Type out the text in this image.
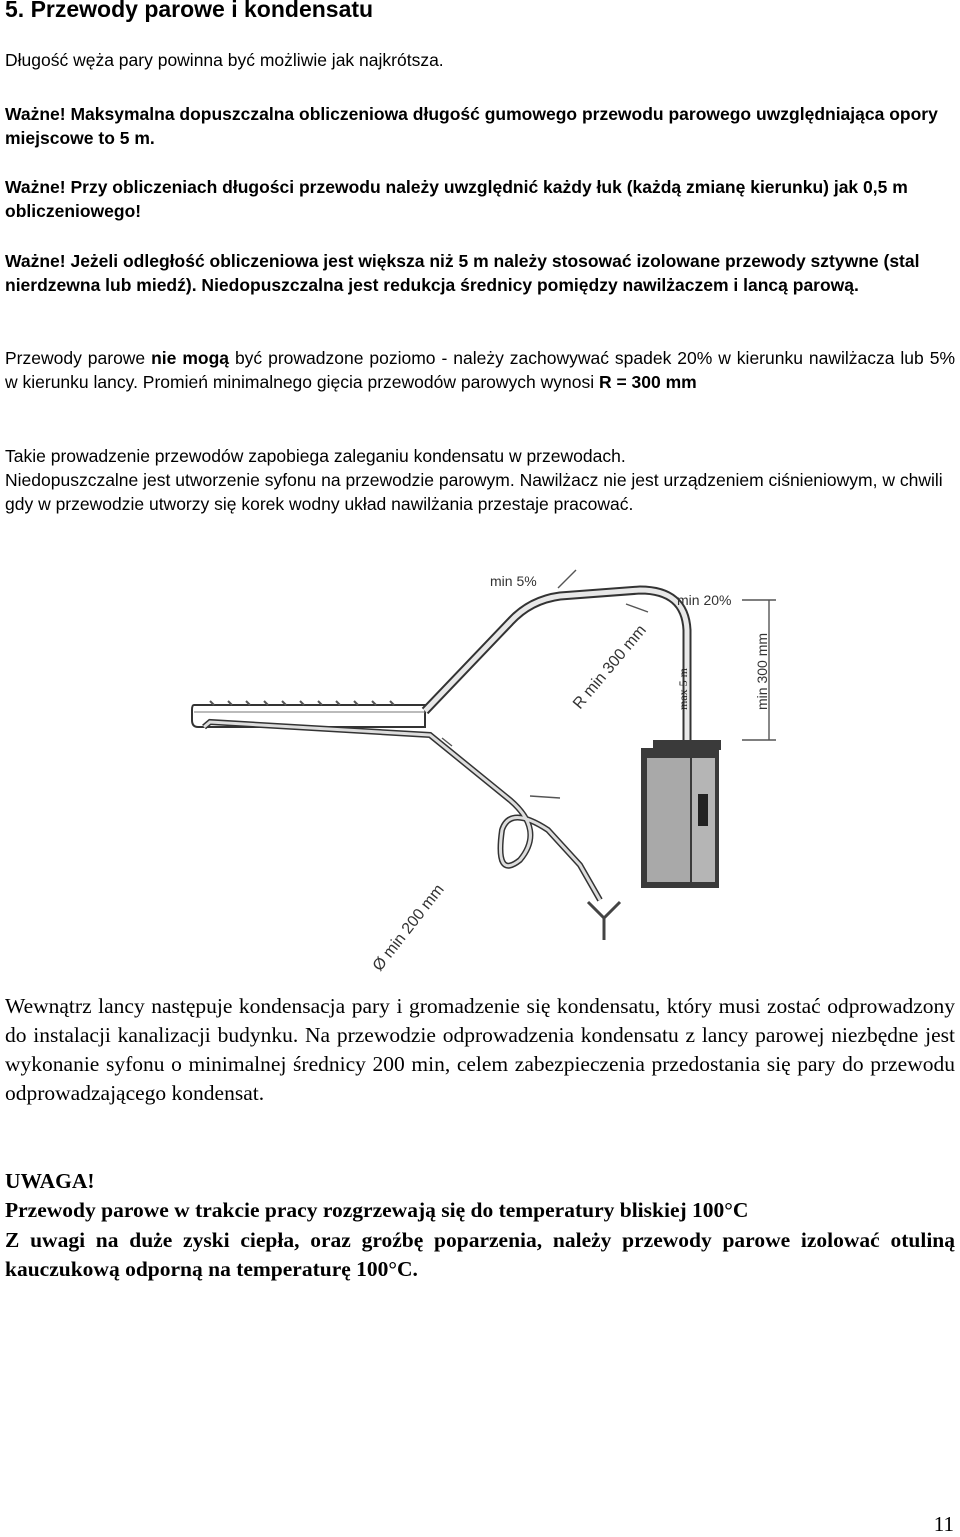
5. Przewody parowe i kondensatu

Długość węża pary powinna być możliwie jak najkrótsza.

Ważne! Maksymalna dopuszczalna obliczeniowa długość gumowego przewodu parowego uwzględniająca opory miejscowe to 5 m.

Ważne! Przy obliczeniach długości przewodu należy uwzględnić każdy łuk (każdą zmianę kierunku) jak 0,5 m obliczeniowego!

Ważne! Jeżeli odległość obliczeniowa jest większa niż 5 m należy stosować izolowane przewody sztywne (stal nierdzewna lub miedź). Niedopuszczalna jest redukcja średnicy pomiędzy nawilżaczem i lancą parową.

Przewody parowe nie mogą być prowadzone poziomo - należy zachowywać spadek 20% w kierunku nawilżacza lub 5% w kierunku lancy. Promień minimalnego gięcia przewodów parowych wynosi R = 300 mm

Takie prowadzenie przewodów zapobiega zaleganiu kondensatu w przewodach.
Niedopuszczalne jest utworzenie syfonu na przewodzie parowym. Nawilżacz nie jest urządzeniem ciśnieniowym, w chwili gdy w przewodzie utworzy się korek wodny układ nawilżania przestaje pracować.

min 5%
min 20%
min 300 mm
R min 300 mm max 5 m
Ø min 200 mm

Wewnątrz lancy następuje kondensacja pary i gromadzenie się kondensatu, który musi zostać odprowadzony do instalacji kanalizacji budynku. Na przewodzie odprowadzenia kondensatu z lancy parowej niezbędne jest wykonanie syfonu o minimalnej średnicy 200 min, celem zabezpieczenia przedostania się pary do przewodu odprowadzającego kondensat.

UWAGA!

Przewody parowe w trakcie pracy rozgrzewają się do temperatury bliskiej 100°C

Z uwagi na duże zyski ciepła, oraz groźbę poparzenia, należy przewody parowe izolować otuliną kauczukową odporną na temperaturę 100°C.

11
